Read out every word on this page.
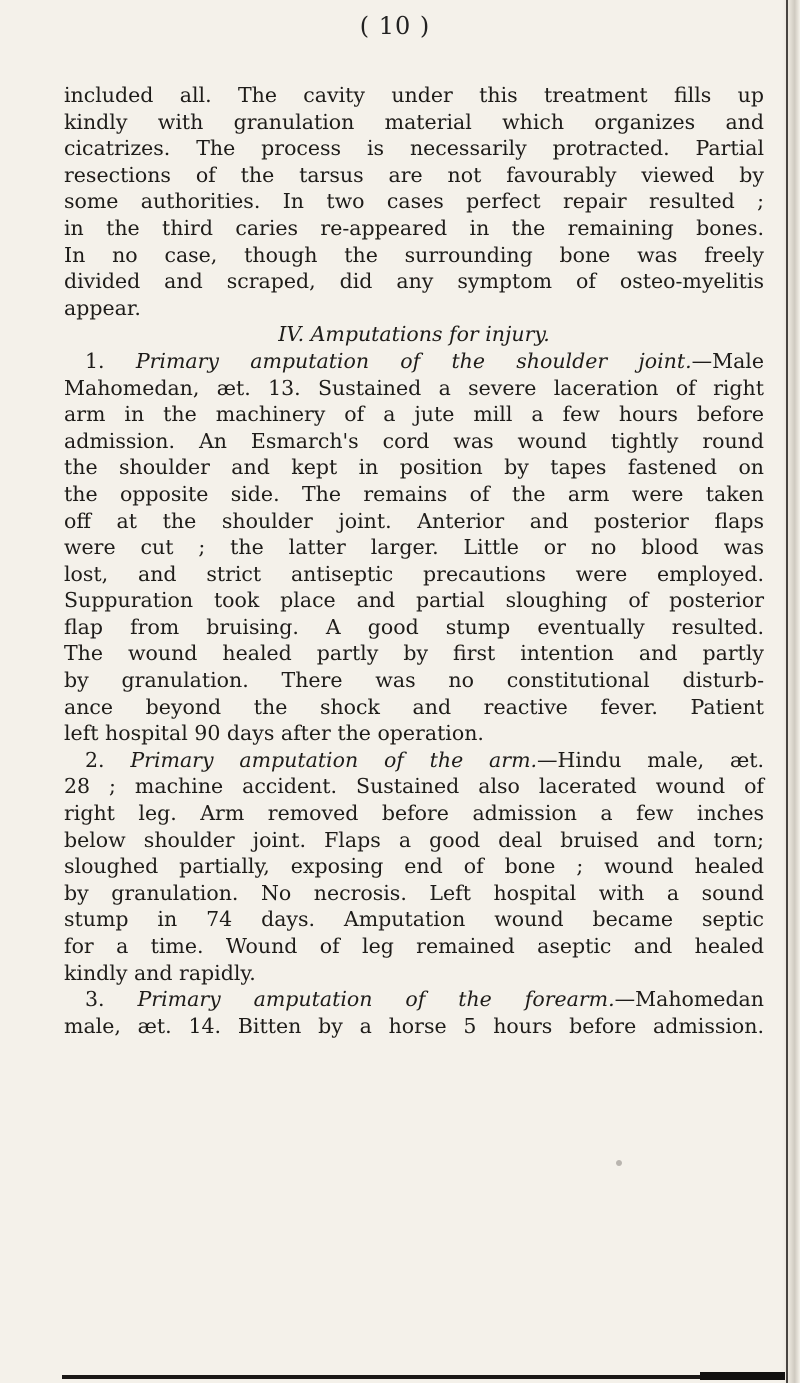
( 10 )
included all. The cavity under this treatment fills up
kindly with granulation material which organizes and
cicatrizes. The process is necessarily protracted. Partial
resections of the tarsus are not favourably viewed by
some authorities. In two cases perfect repair resulted ;
in the third caries re-appeared in the remaining bones.
In no case, though the surrounding bone was freely
divided and scraped, did any symptom of osteo-myelitis
appear.
IV. Amputations for injury.
1. Primary amputation of the shoulder joint.—Male
Mahomedan, æt. 13. Sustained a severe laceration of right
arm in the machinery of a jute mill a few hours before
admission. An Esmarch's cord was wound tightly round
the shoulder and kept in position by tapes fastened on
the opposite side. The remains of the arm were taken
off at the shoulder joint. Anterior and posterior flaps
were cut ; the latter larger. Little or no blood was
lost, and strict antiseptic precautions were employed.
Suppuration took place and partial sloughing of posterior
flap from bruising. A good stump eventually resulted.
The wound healed partly by first intention and partly
by granulation. There was no constitutional disturb-
ance beyond the shock and reactive fever. Patient
left hospital 90 days after the operation.
2. Primary amputation of the arm.—Hindu male, æt.
28 ; machine accident. Sustained also lacerated wound of
right leg. Arm removed before admission a few inches
below shoulder joint. Flaps a good deal bruised and torn;
sloughed partially, exposing end of bone ; wound healed
by granulation. No necrosis. Left hospital with a sound
stump in 74 days. Amputation wound became septic
for a time. Wound of leg remained aseptic and healed
kindly and rapidly.
3. Primary amputation of the forearm.—Mahomedan
male, æt. 14. Bitten by a horse 5 hours before admission.
